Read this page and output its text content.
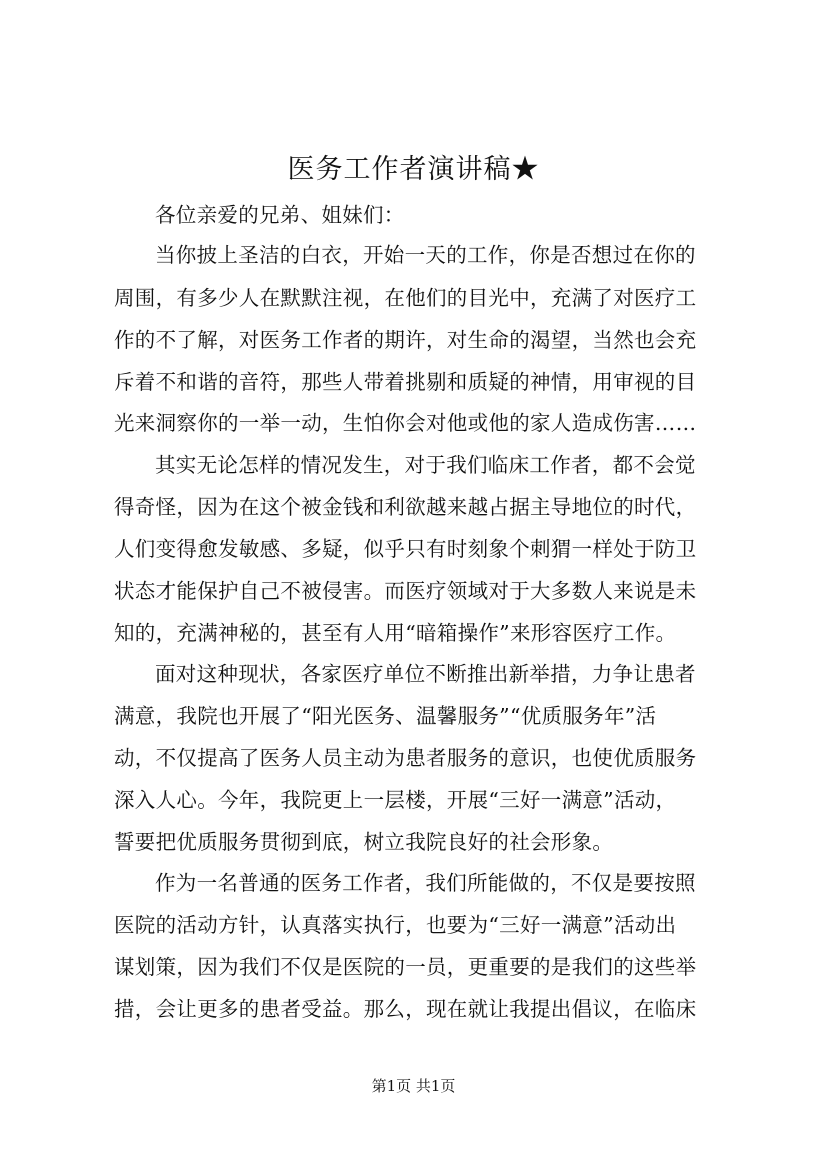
医务工作者演讲稿★
各位亲爱的兄弟、姐妹们：
当你披上圣洁的白衣，开始一天的工作，你是否想过在你的
周围，有多少人在默默注视，在他们的目光中，充满了对医疗工
作的不了解，对医务工作者的期许，对生命的渴望，当然也会充
斥着不和谐的音符，那些人带着挑剔和质疑的神情，用审视的目
光来洞察你的一举一动，生怕你会对他或他的家人造成伤害……
其实无论怎样的情况发生，对于我们临床工作者，都不会觉
得奇怪，因为在这个被金钱和利欲越来越占据主导地位的时代，
人们变得愈发敏感、多疑，似乎只有时刻象个刺猬一样处于防卫
状态才能保护自己不被侵害。而医疗领域对于大多数人来说是未
知的，充满神秘的，甚至有人用“暗箱操作”来形容医疗工作。
面对这种现状，各家医疗单位不断推出新举措，力争让患者
满意，我院也开展了“阳光医务、温馨服务”“优质服务年”活
动，不仅提高了医务人员主动为患者服务的意识，也使优质服务
深入人心。今年，我院更上一层楼，开展“三好一满意”活动，
誓要把优质服务贯彻到底，树立我院良好的社会形象。
作为一名普通的医务工作者，我们所能做的，不仅是要按照
医院的活动方针，认真落实执行，也要为“三好一满意”活动出
谋划策，因为我们不仅是医院的一员，更重要的是我们的这些举
措，会让更多的患者受益。那么，现在就让我提出倡议，在临床
第1页 共1页
